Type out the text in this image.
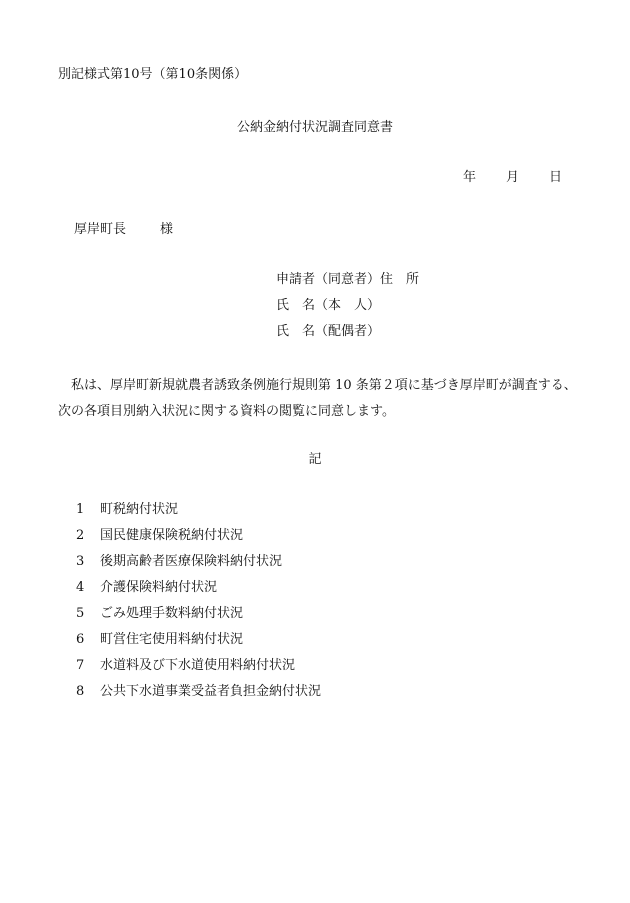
別記様式第10号（第10条関係）
公納金納付状況調査同意書
年 月 日
厚岸町長	様
申請者（同意者）住　所
氏　名（本　人）
氏　名（配偶者）
私は、厚岸町新規就農者誘致条例施行規則第 10 条第２項に基づき厚岸町が調査する、次の各項目別納入状況に関する資料の閲覧に同意します。
記
1 町税納付状況
2 国民健康保険税納付状況
3 後期高齢者医療保険料納付状況
4 介護保険料納付状況
5 ごみ処理手数料納付状況
6 町営住宅使用料納付状況
7 水道料及び下水道使用料納付状況
8 公共下水道事業受益者負担金納付状況
